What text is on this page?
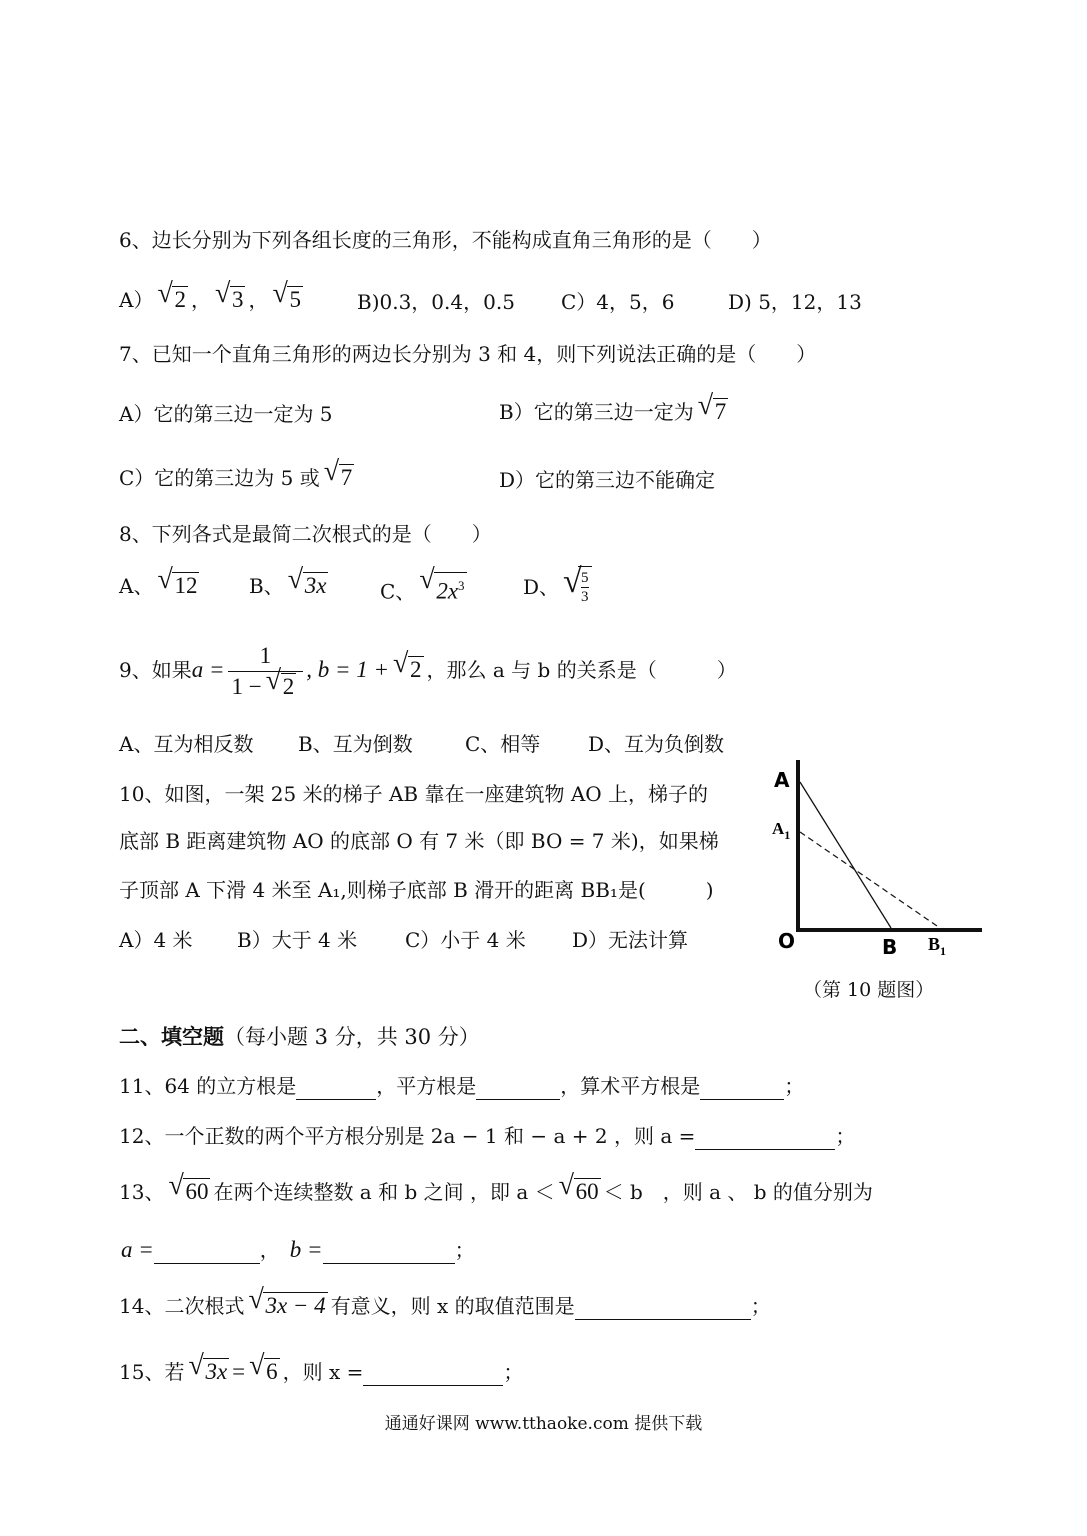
6、边长分别为下列各组长度的三角形，不能构成直角三角形的是（　　）
A） √ 2 ， √ 3 ， √ 5	B)0.3，0.4，0.5 C）4，5，6	D) 5，12，13
7、已知一个直角三角形的两边长分别为 3 和 4，则下列说法正确的是（　　）
A）它的第三边一定为 5	B）它的第三边一定为 √ 7
C）它的第三边为 5 或 √ 7	D）它的第三边不能确定
8、下列各式是最简二次根式的是（　　）
A、 √ 12	B、 √ 3x	C、 √ $2x^3$	D、 √
$\frac{5}{3}$
9、如果$a = \frac{1}{1 - √ 2}$ , b = 1 + √ 2 ，那么 a 与 b 的关系是（　　　）
A、互为相反数 B、互为倒数	C、相等 D、互为负倒数
10、如图，一架 25 米的梯子 AB 靠在一座建筑物 AO 上，梯子的
底部 B 距离建筑物 AO 的底部 O 有 7 米（即 BO = 7 米)，如果梯
子顶部 A 下滑 4 米至 A₁,则梯子底部 B 滑开的距离 BB₁是(　　　)
A）4 米 B）大于 4 米 C）小于 4 米 D）无法计算
A
$A_1$
O	B $B_1$
（第 10 题图）
二、填空题（每小题 3 分，共 30 分）
11、64 的立方根是	，平方根是	，算术平方根是	；
12、一个正数的两个平方根分别是 2a − 1 和 − a + 2 ，则 a =	；
13、 √ 60 在两个连续整数 a 和 b 之间 ，即 a ＜ √ 60 ＜ b　，则 a 、 b 的值分别为
a =	， b =	；
14、二次根式 √ 3x − 4 有意义，则 x 的取值范围是	；
15、若 √ 3x = √ 6 ，则 x =	；
通通好课网 www.tthaoke.com 提供下载
